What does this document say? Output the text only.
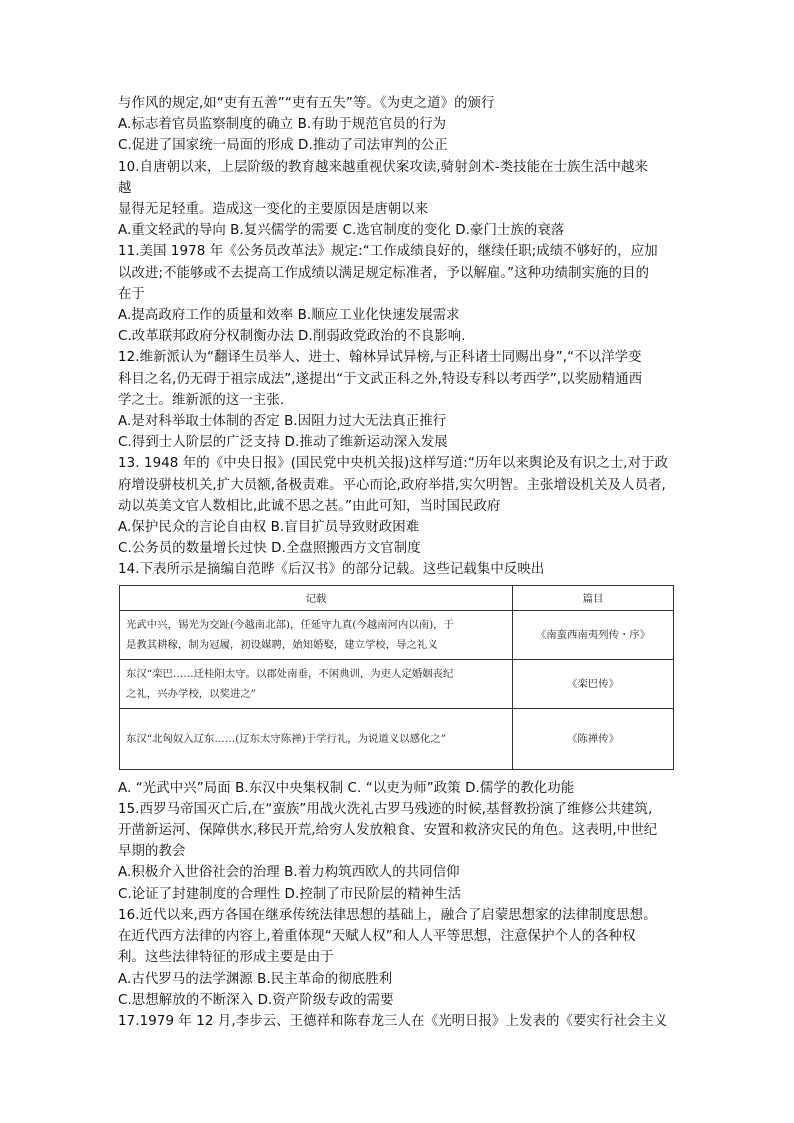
与作风的规定,如“吏有五善”“吏有五失”等。《为吏之道》的颁行
A.标志着官员监察制度的确立 B.有助于规范官员的行为
C.促进了国家统一局面的形成 D.推动了司法审判的公正
10.自唐朝以来，上层阶级的教育越来越重视伏案攻读,骑射剑术-类技能在士族生活中越来
越
显得无足轻重。造成这一变化的主要原因是唐朝以来
A.重文轻武的导向 B.复兴儒学的需要 C.选官制度的变化 D.豪门士族的衰落
11.美国 1978 年《公务员改革法》规定:“工作成绩良好的，继续任职;成绩不够好的，应加
以改进;不能够或不去提高工作成绩以满足规定标准者，予以解雇。”这种功绩制实施的目的
在于
A.提高政府工作的质量和效率 B.顺应工业化快速发展需求
C.改革联邦政府分权制衡办法 D.削弱政党政治的不良影响.
12.维新派认为“翻译生员举人、进士、翰林异试异榜,与正科诸士同赐出身”,“不以洋学变
科目之名,仍无碍于祖宗成法”,遂提出“于文武正科之外,特设专科以考西学”,以奖励精通西
学之士。维新派的这一主张.
A.是对科举取士体制的否定 B.因阻力过大无法真正推行
C.得到士人阶层的广泛支持 D.推动了维新运动深入发展
13. 1948 年的《中央日报》(国民党中央机关报)这样写道:“历年以来舆论及有识之士,对于政
府增设骈枝机关,扩大员额,备极责难。平心而论,政府举措,实欠明智。主张增设机关及人员者,
动以英美文官人数相比,此诚不思之甚。”由此可知，当时国民政府
A.保护民众的言论自由权 B.盲目扩员导致财政困难
C.公务员的数量增长过快 D.全盘照搬西方文官制度
14.下表所示是摘编自范晔《后汉书》的部分记载。这些记载集中反映出
记载	篇目

光武中兴，锡光为交趾(今越南北部)，任延守九真(今越南河内以南)，于
是教其耕稼，制为冠履，初设媒聘，始知婚娶，建立学校，导之礼义	《南蛮西南夷列传・序》

东汉“栾巴……迁桂阳太守。以郡处南垂，不闲典训，为吏人定婚姻丧纪
之礼，兴办学校，以奖进之”	《栾巴传》

东汉“北匈奴入辽东……(辽东太守陈禅)于学行礼，为说道义以感化之”	《陈禅传》
A. “光武中兴”局面 B.东汉中央集权制 C. “以吏为师”政策 D.儒学的教化功能
15.西罗马帝国灭亡后,在“蛮族”用战火洗礼古罗马残迹的时候,基督教扮演了维修公共建筑,
开凿新运河、保障供水,移民开荒,给穷人发放粮食、安置和救济灾民的角色。这表明,中世纪
早期的教会
A.积极介入世俗社会的治理 B.着力构筑西欧人的共同信仰
C.论证了封建制度的合理性 D.控制了市民阶层的精神生活
16.近代以来,西方各国在继承传统法律思想的基础上，融合了启蒙思想家的法律制度思想。
在近代西方法律的内容上,着重体现“天赋人权”和人人平等思想，注意保护个人的各种权
利。这些法律特征的形成主要是由于
A.古代罗马的法学渊源 B.民主革命的彻底胜利
C.思想解放的不断深入 D.资产阶级专政的需要
17.1979 年 12 月,李步云、王德祥和陈春龙三人在《光明日报》上发表的《要实行社会主义
